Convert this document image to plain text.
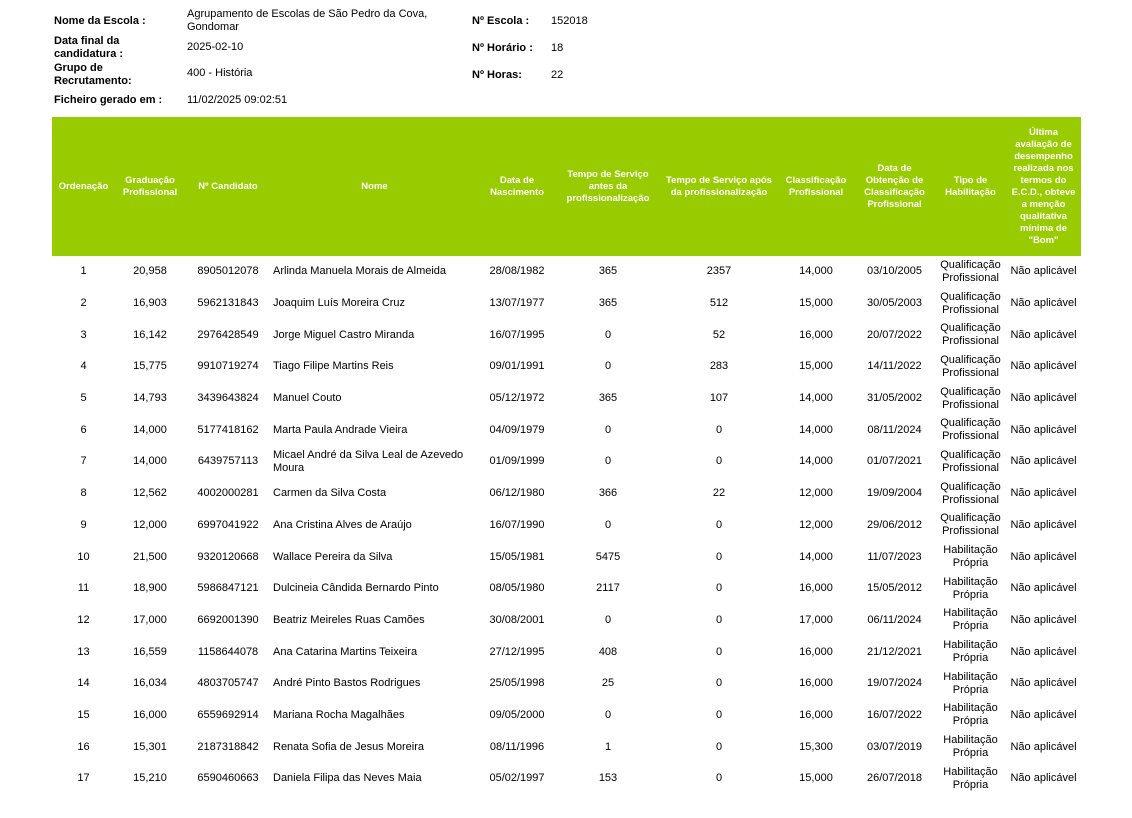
Nome da Escola :
Agrupamento de Escolas de São Pedro da Cova, Gondomar
Data final da candidatura :
2025-02-10
Grupo de Recrutamento:
400 - História
Ficheiro gerado em : 11/02/2025 09:02:51
Nº Escola : 152018
Nº Horário : 18
Nº Horas:	22
Ordenação	Graduação Profissional	Nº Candidato	Nome	Data de Nascimento	Tempo de Serviço antes da profissionalização	Tempo de Serviço após da profissionalização	Classificação Profissional	Data de Obtenção de Classificação Profissional	Tipo de Habilitação	Última avaliação de desempenho realizada nos termos do E.C.D., obteve a menção qualitativa mínima de "Bom"
1	20,958	8905012078	Arlinda Manuela Morais de Almeida	28/08/1982	365	2357	14,000	03/10/2005	Qualificação Profissional	Não aplicável
2	16,903	5962131843	Joaquim Luís Moreira Cruz	13/07/1977	365	512	15,000	30/05/2003	Qualificação Profissional	Não aplicável
3	16,142	2976428549	Jorge Miguel Castro Miranda	16/07/1995	0	52	16,000	20/07/2022	Qualificação Profissional	Não aplicável
4	15,775	9910719274	Tiago Filipe Martins Reis	09/01/1991	0	283	15,000	14/11/2022	Qualificação Profissional	Não aplicável
5	14,793	3439643824	Manuel Couto	05/12/1972	365	107	14,000	31/05/2002	Qualificação Profissional	Não aplicável
6	14,000	5177418162	Marta Paula Andrade Vieira	04/09/1979	0	0	14,000	08/11/2024	Qualificação Profissional	Não aplicável
7	14,000	6439757113	Micael André da Silva Leal de Azevedo Moura	01/09/1999	0	0	14,000	01/07/2021	Qualificação Profissional	Não aplicável
8	12,562	4002000281	Carmen da Silva Costa	06/12/1980	366	22	12,000	19/09/2004	Qualificação Profissional	Não aplicável
9	12,000	6997041922	Ana Cristina Alves de Araújo	16/07/1990	0	0	12,000	29/06/2012	Qualificação Profissional	Não aplicável
10	21,500	9320120668	Wallace Pereira da Silva	15/05/1981	5475	0	14,000	11/07/2023	Habilitação Própria	Não aplicável
11	18,900	5986847121	Dulcineia Cândida Bernardo Pinto	08/05/1980	2117	0	16,000	15/05/2012	Habilitação Própria	Não aplicável
12	17,000	6692001390	Beatriz Meireles Ruas Camões	30/08/2001	0	0	17,000	06/11/2024	Habilitação Própria	Não aplicável
13	16,559	1158644078	Ana Catarina Martins Teixeira	27/12/1995	408	0	16,000	21/12/2021	Habilitação Própria	Não aplicável
14	16,034	4803705747	André Pinto Bastos Rodrigues	25/05/1998	25	0	16,000	19/07/2024	Habilitação Própria	Não aplicável
15	16,000	6559692914	Mariana Rocha Magalhães	09/05/2000	0	0	16,000	16/07/2022	Habilitação Própria	Não aplicável
16	15,301	2187318842	Renata Sofia de Jesus Moreira	08/11/1996	1	0	15,300	03/07/2019	Habilitação Própria	Não aplicável
17	15,210	6590460663	Daniela Filipa das Neves Maia	05/02/1997	153	0	15,000	26/07/2018	Habilitação Própria	Não aplicável
